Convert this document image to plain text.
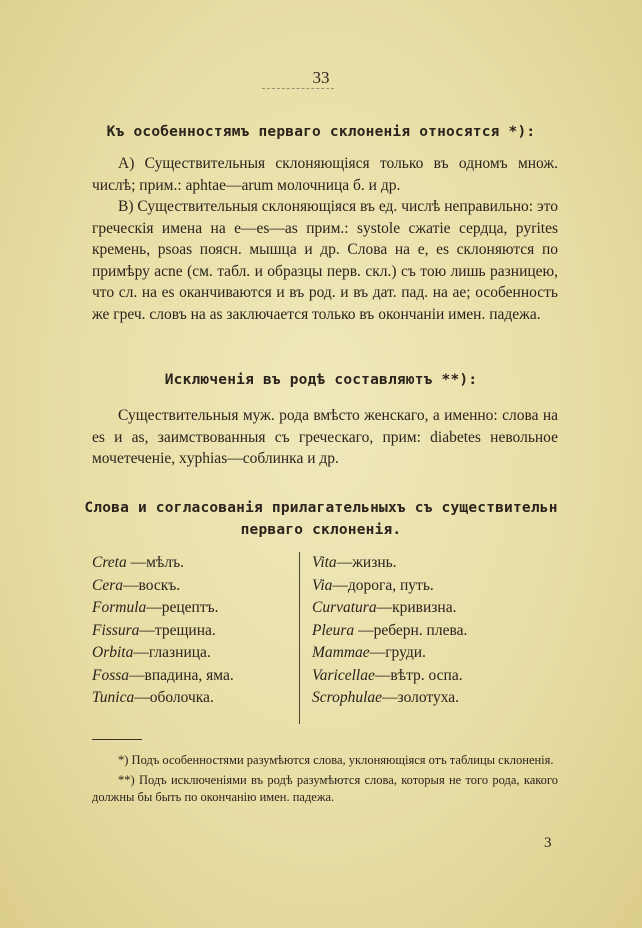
33
Къ особенностямъ перваго склоненія относятся *):

А) Существительныя склоняющіяся только въ одномъ множ. числѣ; прим.: aphtae—arum молочница б. и др.

В) Существительныя склоняющіяся въ ед. числѣ неправильно: это греческія имена на e—es—as прим.: systole сжатіе сердца, pyrites кремень, psoas поясн. мышца и др. Слова на e, es склоняются по примѣру acne (см. табл. и образцы перв. скл.) съ тою лишь разницею, что сл. на es оканчиваются и въ род. и въ дат. пад. на ae; особенность же греч. словъ на as заключается только въ окончаніи имен. падежа.

Исключенія въ родѣ составляютъ **):

Существительныя муж. рода вмѣсто женскаго, а именно: слова на es и as, заимствованныя съ греческаго, прим: diabetes невольное мочетеченіе, xyphias—соблинка и др.

Слова и согласованія прилагательныхъ съ существительн
перваго склоненія.
Creta —мѣлъ.
Cera—воскъ.
Formula—рецептъ.
Fissura—трещина.
Orbita—глазница.
Fossa—впадина, яма.
Tunica—оболочка.
Vita—жизнь.
Via—дорога, путь.
Curvatura—кривизна.
Pleura —реберн. плева.
Mammae—груди.
Varicellae—вѣтр. оспа.
Scrophulae—золотуха.

*) Подъ особенностями разумѣются слова, уклоняющіяся отъ таблицы склоненія.

**) Подъ исключеніями въ родѣ разумѣются слова, которыя не того рода, какого должны бы быть по окончанію имен. падежа.

3
